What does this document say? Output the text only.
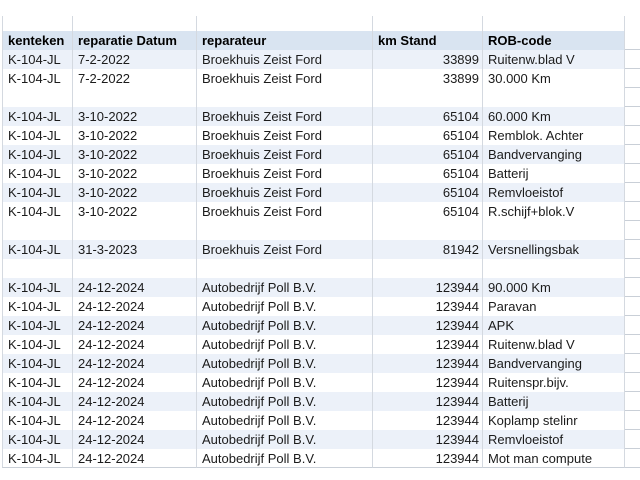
kenteken	reparatie Datum	reparateur	km Stand	ROB-code
K-104-JL	7-2-2022	Broekhuis Zeist Ford	33899 Ruitenw.blad V
K-104-JL	7-2-2022	Broekhuis Zeist Ford	33899 30.000 Km
K-104-JL	3-10-2022	Broekhuis Zeist Ford	65104 60.000 Km
K-104-JL	3-10-2022	Broekhuis Zeist Ford	65104 Remblok. Achter
K-104-JL	3-10-2022	Broekhuis Zeist Ford	65104 Bandvervanging
K-104-JL	3-10-2022	Broekhuis Zeist Ford	65104 Batterij
K-104-JL	3-10-2022	Broekhuis Zeist Ford	65104 Remvloeistof
K-104-JL	3-10-2022	Broekhuis Zeist Ford	65104 R.schijf+blok.V
K-104-JL	31-3-2023	Broekhuis Zeist Ford	81942 Versnellingsbak
K-104-JL	24-12-2024	Autobedrijf Poll B.V.	123944 90.000 Km
K-104-JL	24-12-2024	Autobedrijf Poll B.V.	123944 Paravan
K-104-JL	24-12-2024	Autobedrijf Poll B.V.	123944 APK
K-104-JL	24-12-2024	Autobedrijf Poll B.V.	123944 Ruitenw.blad V
K-104-JL	24-12-2024	Autobedrijf Poll B.V.	123944 Bandvervanging
K-104-JL	24-12-2024	Autobedrijf Poll B.V.	123944 Ruitenspr.bijv.
K-104-JL	24-12-2024	Autobedrijf Poll B.V.	123944 Batterij
K-104-JL	24-12-2024	Autobedrijf Poll B.V.	123944 Koplamp stelinr
K-104-JL	24-12-2024	Autobedrijf Poll B.V.	123944 Remvloeistof
K-104-JL	24-12-2024	Autobedrijf Poll B.V.	123944 Mot man compute
